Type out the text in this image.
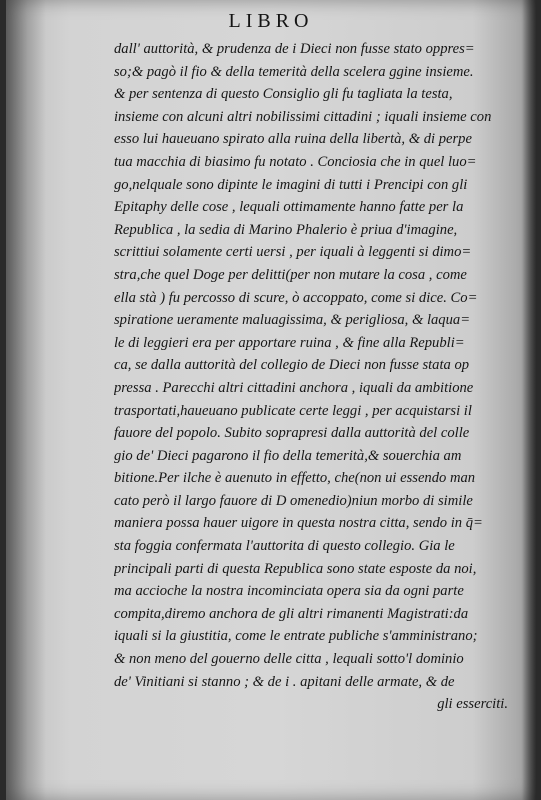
LIBRO
dall' auttorità, & prudenza de i Dieci non fusse stato oppres=
so;& pagò il fio & della temerità della scelera ggine insieme.
& per sentenza di questo Consiglio gli fu tagliata la testa,
insieme con alcuni altri nobilissimi cittadini ; iquali insieme con
esso lui haueuano spirato alla ruina della libertà, & di perpe
tua macchia di biasimo fu notato . Conciosia che in quel luo=
go,nelquale sono dipinte le imagini di tutti i Prencipi con gli
Epitaphy delle cose , lequali ottimamente hanno fatte per la
Republica , la sedia di Marino Phalerio è priua d'imagine,
scrittiui solamente certi uersi , per iquali à leggenti si dimo=
stra,che quel Doge per delitti(per non mutare la cosa , come
ella stà ) fu percosso di scure, ò accoppato, come si dice. Co=
spiratione ueramente maluagissima, & perigliosa, & laqua=
le di leggieri era per apportare ruina , & fine alla Republi=
ca, se dalla auttorità del collegio de Dieci non fusse stata op
pressa . Parecchi altri cittadini anchora , iquali da ambitione
trasportati,haueuano publicate certe leggi , per acquistarsi il
fauore del popolo. Subito soprapresi dalla auttorità del colle
gio de' Dieci pagarono il fio della temerità,& souerchia am
bitione.Per ilche è auenuto in effetto, che(non ui essendo man
cato però il largo fauore di D omenedio)niun morbo di simile
maniera possa hauer uigore in questa nostra citta, sendo in q̄=
sta foggia confermata l'auttorita di questo collegio. Gia le
principali parti di questa Republica sono state esposte da noi,
ma accioche la nostra incominciata opera sia da ogni parte
compita,diremo anchora de gli altri rimanenti Magistrati:da
iquali si la giustitia, come le entrate publiche s'amministrano;
& non meno del gouerno delle citta , lequali sotto'l dominio
de' Vinitiani si stanno ; & de i . apitani delle armate, & de
gli esserciti.
